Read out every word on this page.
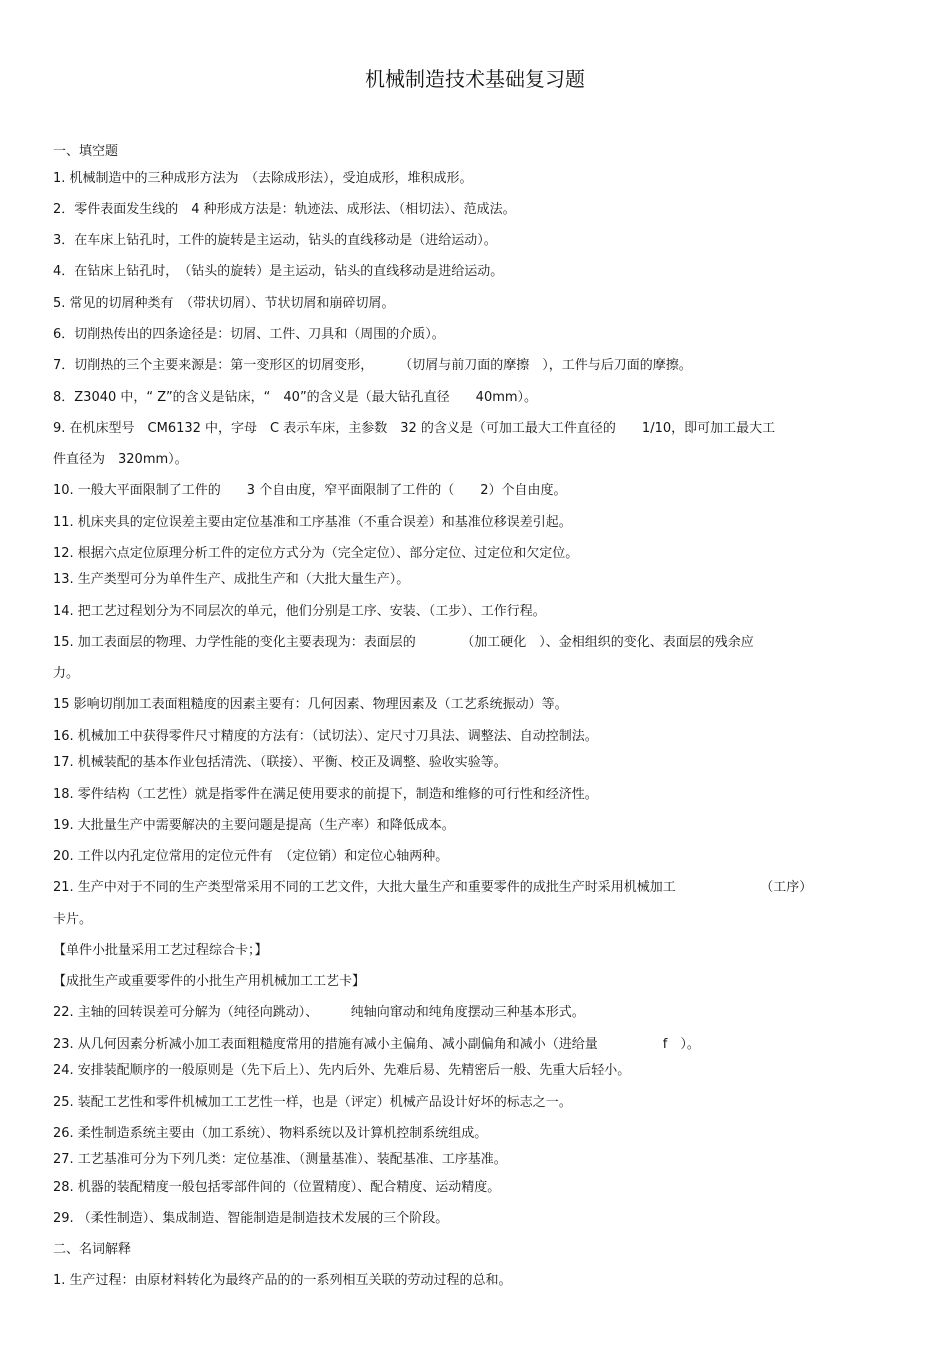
机械制造技术基础复习题
一、填空题
1. 机械制造中的三种成形方法为　（去除成形法），受迫成形，堆积成形。
2．零件表面发生线的　4 种形成方法是：轨迹法、成形法、（相切法）、范成法。
3．在车床上钻孔时，工件的旋转是主运动，钻头的直线移动是（进给运动）。
4．在钻床上钻孔时，　（钻头的旋转）是主运动，钻头的直线移动是进给运动。
5. 常见的切屑种类有　（带状切屑）、节状切屑和崩碎切屑。
6．切削热传出的四条途径是：切屑、工件、刀具和（周围的介质）。
7．切削热的三个主要来源是：第一变形区的切屑变形，　　　（切屑与前刀面的摩擦　），工件与后刀面的摩擦。
8．Z3040 中，“ Z”的含义是钻床，“　40”的含义是（最大钻孔直径　　40mm）。
9. 在机床型号　CM6132 中，字母　C 表示车床，主参数　32 的含义是（可加工最大工件直径的　　1/10，即可加工最大工
件直径为　320mm）。
10. 一般大平面限制了工件的　　3 个自由度，窄平面限制了工件的（　　2）个自由度。
11. 机床夹具的定位误差主要由定位基准和工序基准（不重合误差）和基准位移误差引起。
12. 根据六点定位原理分析工件的定位方式分为（完全定位）、部分定位、过定位和欠定位。
13. 生产类型可分为单件生产、成批生产和（大批大量生产）。
14. 把工艺过程划分为不同层次的单元，他们分别是工序、安装、（工步）、工作行程。
15. 加工表面层的物理、力学性能的变化主要表现为：表面层的　　　　（加工硬化　）、金相组织的变化、表面层的残余应
力。
15 影响切削加工表面粗糙度的因素主要有：几何因素、物理因素及（工艺系统振动）等。
16. 机械加工中获得零件尺寸精度的方法有：（试切法）、定尺寸刀具法、调整法、自动控制法。
17. 机械装配的基本作业包括清洗、（联接）、平衡、校正及调整、验收实验等。
18. 零件结构（工艺性）就是指零件在满足使用要求的前提下，制造和维修的可行性和经济性。
19. 大批量生产中需要解决的主要问题是提高（生产率）和降低成本。
20. 工件以内孔定位常用的定位元件有　（定位销）和定位心轴两种。
21. 生产中对于不同的生产类型常采用不同的工艺文件，大批大量生产和重要零件的成批生产时采用机械加工　　　　　　　（工序）
卡片。
【单件小批量采用工艺过程综合卡；】
【成批生产或重要零件的小批生产用机械加工工艺卡】
22. 主轴的回转误差可分解为（纯径向跳动）、　　　纯轴向窜动和纯角度摆动三种基本形式。
23. 从几何因素分析减小加工表面粗糙度常用的措施有减小主偏角、减小副偏角和减小（进给量　　　　　f　）。
24. 安排装配顺序的一般原则是（先下后上）、先内后外、先难后易、先精密后一般、先重大后轻小。
25. 装配工艺性和零件机械加工工艺性一样，也是（评定）机械产品设计好坏的标志之一。
26. 柔性制造系统主要由（加工系统）、物料系统以及计算机控制系统组成。
27. 工艺基准可分为下列几类：定位基准、（测量基准）、装配基准、工序基准。
28. 机器的装配精度一般包括零部件间的（位置精度）、配合精度、运动精度。
29. （柔性制造）、集成制造、智能制造是制造技术发展的三个阶段。
二、名词解释
1. 生产过程：由原材料转化为最终产品的的一系列相互关联的劳动过程的总和。
